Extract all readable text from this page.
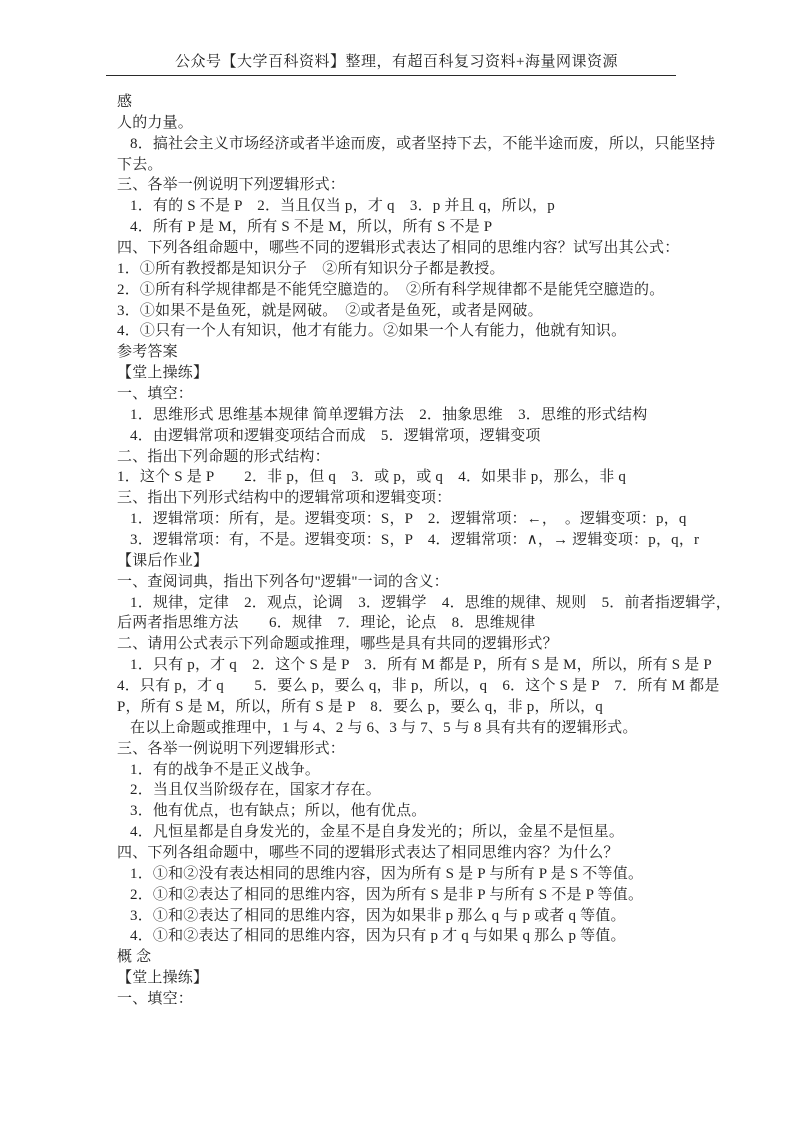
公众号【大学百科资料】整理，有超百科复习资料+海量网课资源
感
人的力量。
8．搞社会主义市场经济或者半途而废，或者坚持下去，不能半途而废，所以，只能坚持
下去。
三、各举一例说明下列逻辑形式：
1．有的 S 不是 P　2．当且仅当 p，才 q　3．p 并且 q，所以，p
4．所有 P 是 M，所有 S 不是 M，所以，所有 S 不是 P
四、下列各组命题中，哪些不同的逻辑形式表达了相同的思维内容？试写出其公式：
1．①所有教授都是知识分子　②所有知识分子都是教授。
2．①所有科学规律都是不能凭空臆造的。　②所有科学规律都不是能凭空臆造的。
3．①如果不是鱼死，就是网破。　②或者是鱼死，或者是网破。
4．①只有一个人有知识，他才有能力。②如果一个人有能力，他就有知识。
参考答案
【堂上操练】
一、填空：
1．思维形式 思维基本规律 简单逻辑方法　2．抽象思维　3．思维的形式结构
4．由逻辑常项和逻辑变项结合而成　5．逻辑常项，逻辑变项
二、指出下列命题的形式结构：
1．这个 S 是 P　　2．非 p，但 q　3．或 p，或 q　4．如果非 p，那么，非 q
三、指出下列形式结构中的逻辑常项和逻辑变项：
1．逻辑常项：所有，是。逻辑变项：S，P　2．逻辑常项：←，　。逻辑变项：p，q
3．逻辑常项：有，不是。逻辑变项：S，P　4．逻辑常项：∧，→ 逻辑变项：p，q，r
【课后作业】
一、查阅词典，指出下列各句"逻辑"一词的含义：
1．规律，定律　2．观点，论调　3．逻辑学　4．思维的规律、规则　5．前者指逻辑学，
后两者指思维方法　　6．规律　7．理论，论点　8．思维规律
二、请用公式表示下列命题或推理，哪些是具有共同的逻辑形式？
1．只有 p，才 q　2．这个 S 是 P　3．所有 M 都是 P，所有 S 是 M，所以，所有 S 是 P
4．只有 p，才 q　　5．要么 p，要么 q，非 p，所以，q　6．这个 S 是 P　7．所有 M 都是
P，所有 S 是 M，所以，所有 S 是 P　8．要么 p，要么 q，非 p，所以，q
在以上命题或推理中，1 与 4、2 与 6、3 与 7、5 与 8 具有共有的逻辑形式。
三、各举一例说明下列逻辑形式：
1．有的战争不是正义战争。
2．当且仅当阶级存在，国家才存在。
3．他有优点，也有缺点；所以，他有优点。
4．凡恒星都是自身发光的，金星不是自身发光的；所以，金星不是恒星。
四、下列各组命题中，哪些不同的逻辑形式表达了相同思维内容？为什么？
1．①和②没有表达相同的思维内容，因为所有 S 是 P 与所有 P 是 S 不等值。
2．①和②表达了相同的思维内容，因为所有 S 是非 P 与所有 S 不是 P 等值。
3．①和②表达了相同的思维内容，因为如果非 p 那么 q 与 p 或者 q 等值。
4．①和②表达了相同的思维内容，因为只有 p 才 q 与如果 q 那么 p 等值。
概 念
【堂上操练】
一、填空：
